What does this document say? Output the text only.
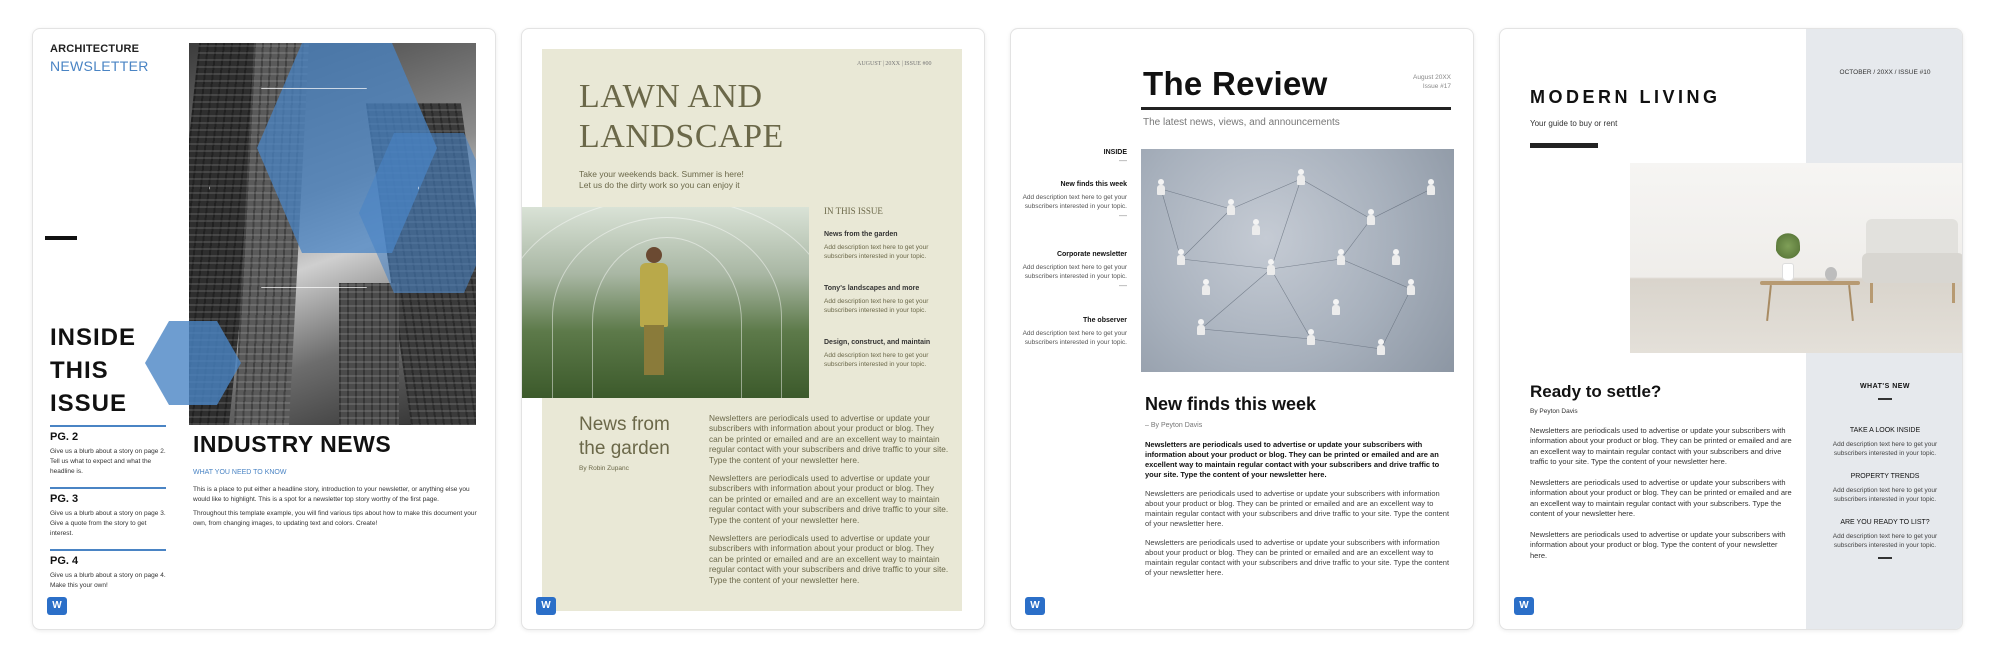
ARCHITECTURE
NEWSLETTER
INSIDE
THIS
ISSUE
PG. 2
Give us a blurb about a story on page 2. Tell us what to expect and what the headline is.
PG. 3
Give us a blurb about a story on page 3. Give a quote from the story to get interest.
PG. 4
Give us a blurb about a story on page 4. Make this your own!
INDUSTRY NEWS
WHAT YOU NEED TO KNOW
This is a place to put either a headline story, introduction to your newsletter, or anything else you would like to highlight. This is a spot for a newsletter top story worthy of the first page.
Throughout this template example, you will find various tips about how to make this document your own, from changing images, to updating text and colors. Create!
W
AUGUST | 20XX | ISSUE #00
LAWN AND
LANDSCAPE
Take your weekends back. Summer is here!
Let us do the dirty work so you can enjoy it
IN THIS ISSUE
News from the garden
Add description text here to get your subscribers interested in your topic.
Tony's landscapes and more
Add description text here to get your subscribers interested in your topic.
Design, construct, and maintain
Add description text here to get your subscribers interested in your topic.
News from
the garden
By Robin Zupanc
Newsletters are periodicals used to advertise or update your subscribers with information about your product or blog. They can be printed or emailed and are an excellent way to maintain regular contact with your subscribers and drive traffic to your site. Type the content of your newsletter here.
Newsletters are periodicals used to advertise or update your subscribers with information about your product or blog. They can be printed or emailed and are an excellent way to maintain regular contact with your subscribers and drive traffic to your site. Type the content of your newsletter here.
Newsletters are periodicals used to advertise or update your subscribers with information about your product or blog. They can be printed or emailed and are an excellent way to maintain regular contact with your subscribers and drive traffic to your site. Type the content of your newsletter here.
W
The Review	August 20XX
Issue #17
The latest news, views, and announcements
INSIDE
—
New finds this week
Add description text here to get your subscribers interested in your topic.
—
Corporate newsletter
Add description text here to get your subscribers interested in your topic.
—
The observer
Add description text here to get your subscribers interested in your topic.
New finds this week
– By Peyton Davis
Newsletters are periodicals used to advertise or update your subscribers with information about your product or blog. They can be printed or emailed and are an excellent way to maintain regular contact with your subscribers and drive traffic to your site. Type the content of your newsletter here.
Newsletters are periodicals used to advertise or update your subscribers with information about your product or blog. They can be printed or emailed and are an excellent way to maintain regular contact with your subscribers and drive traffic to your site. Type the content of your newsletter here.
Newsletters are periodicals used to advertise or update your subscribers with information about your product or blog. They can be printed or emailed and are an excellent way to maintain regular contact with your subscribers and drive traffic to your site. Type the content of your newsletter here.
W
OCTOBER / 20XX / ISSUE #10
MODERN LIVING
Your guide to buy or rent
Ready to settle?
By Peyton Davis
Newsletters are periodicals used to advertise or update your subscribers with information about your product or blog. They can be printed or emailed and are an excellent way to maintain regular contact with your subscribers and drive traffic to your site. Type the content of your newsletter here.
Newsletters are periodicals used to advertise or update your subscribers with information about your product or blog. They can be printed or emailed and are an excellent way to maintain regular contact with your subscribers. Type the content of your newsletter here.
Newsletters are periodicals used to advertise or update your subscribers with information about your product or blog. Type the content of your newsletter here.
WHAT'S NEW
TAKE A LOOK INSIDE
Add description text here to get your subscribers interested in your topic.
PROPERTY TRENDS
Add description text here to get your subscribers interested in your topic.
ARE YOU READY TO LIST?
Add description text here to get your subscribers interested in your topic.
W
